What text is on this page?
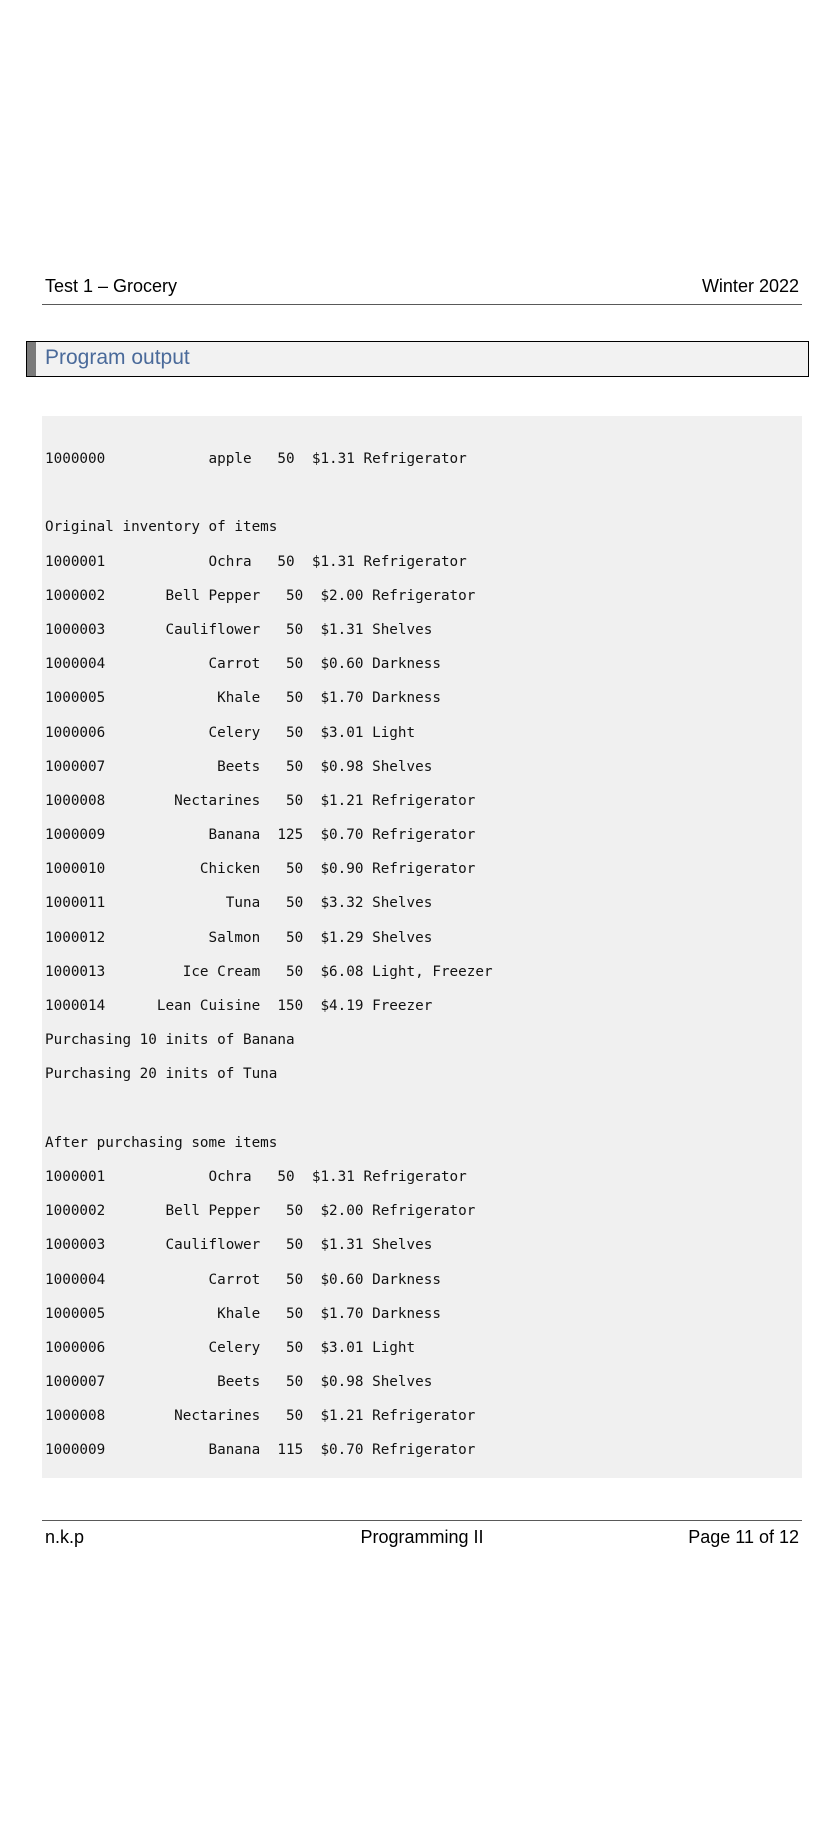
Test 1 – Grocery	Winter 2022
Program output
1000000            apple   50  $1.31 Refrigerator
Original inventory of items
1000001            Ochra   50  $1.31 Refrigerator
1000002       Bell Pepper   50  $2.00 Refrigerator
1000003       Cauliflower   50  $1.31 Shelves
1000004            Carrot   50  $0.60 Darkness
1000005             Khale   50  $1.70 Darkness
1000006            Celery   50  $3.01 Light
1000007             Beets   50  $0.98 Shelves
1000008        Nectarines   50  $1.21 Refrigerator
1000009            Banana  125  $0.70 Refrigerator
1000010           Chicken   50  $0.90 Refrigerator
1000011              Tuna   50  $3.32 Shelves
1000012            Salmon   50  $1.29 Shelves
1000013         Ice Cream   50  $6.08 Light, Freezer
1000014      Lean Cuisine  150  $4.19 Freezer
Purchasing 10 inits of Banana
Purchasing 20 inits of Tuna
After purchasing some items
1000001            Ochra   50  $1.31 Refrigerator
1000002       Bell Pepper   50  $2.00 Refrigerator
1000003       Cauliflower   50  $1.31 Shelves
1000004            Carrot   50  $0.60 Darkness
1000005             Khale   50  $1.70 Darkness
1000006            Celery   50  $3.01 Light
1000007             Beets   50  $0.98 Shelves
1000008        Nectarines   50  $1.21 Refrigerator
1000009            Banana  115  $0.70 Refrigerator
n.k.p	Programming II	Page 11 of 12
